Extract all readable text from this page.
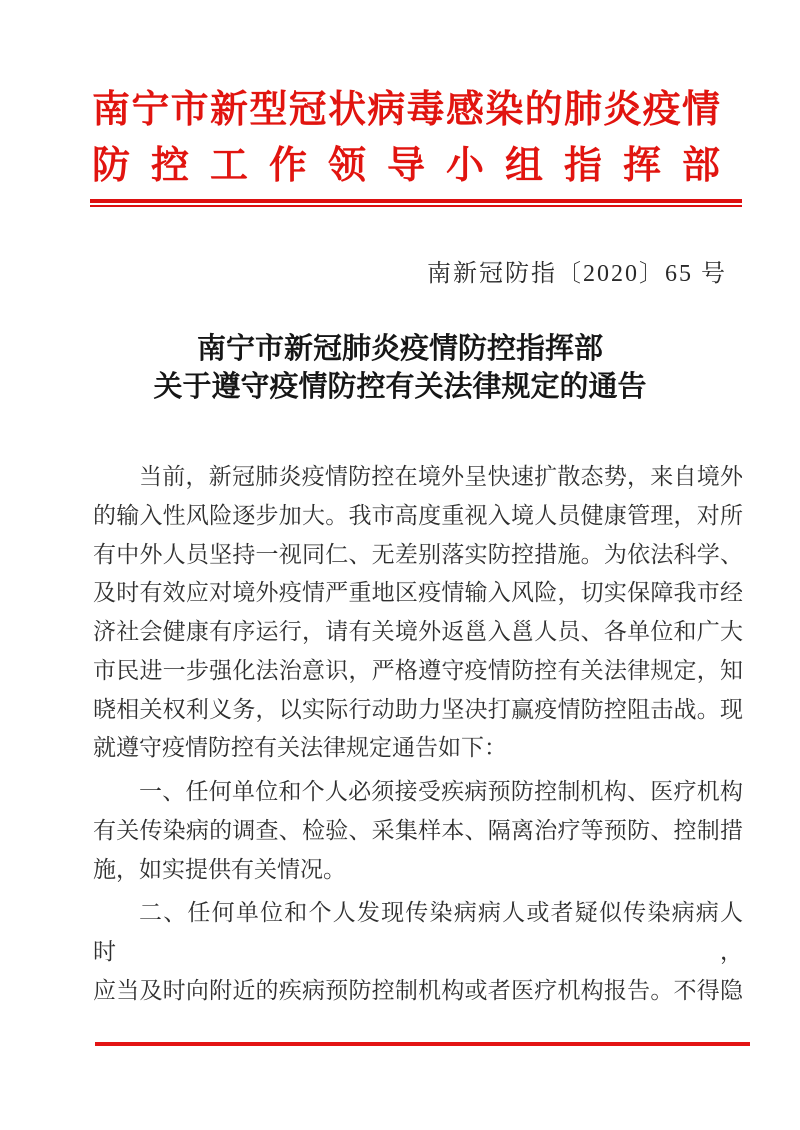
南宁市新型冠状病毒感染的肺炎疫情
防控工作领导小组指挥部
南新冠防指〔2020〕65 号
南宁市新冠肺炎疫情防控指挥部
关于遵守疫情防控有关法律规定的通告
当前，新冠肺炎疫情防控在境外呈快速扩散态势，来自境外
的输入性风险逐步加大。我市高度重视入境人员健康管理，对所
有中外人员坚持一视同仁、无差别落实防控措施。为依法科学、
及时有效应对境外疫情严重地区疫情输入风险，切实保障我市经
济社会健康有序运行，请有关境外返邕入邕人员、各单位和广大
市民进一步强化法治意识，严格遵守疫情防控有关法律规定，知
晓相关权利义务，以实际行动助力坚决打赢疫情防控阻击战。现
就遵守疫情防控有关法律规定通告如下：
一、任何单位和个人必须接受疾病预防控制机构、医疗机构
有关传染病的调查、检验、采集样本、隔离治疗等预防、控制措
施，如实提供有关情况。
二、任何单位和个人发现传染病病人或者疑似传染病病人时，
应当及时向附近的疾病预防控制机构或者医疗机构报告。不得隐
